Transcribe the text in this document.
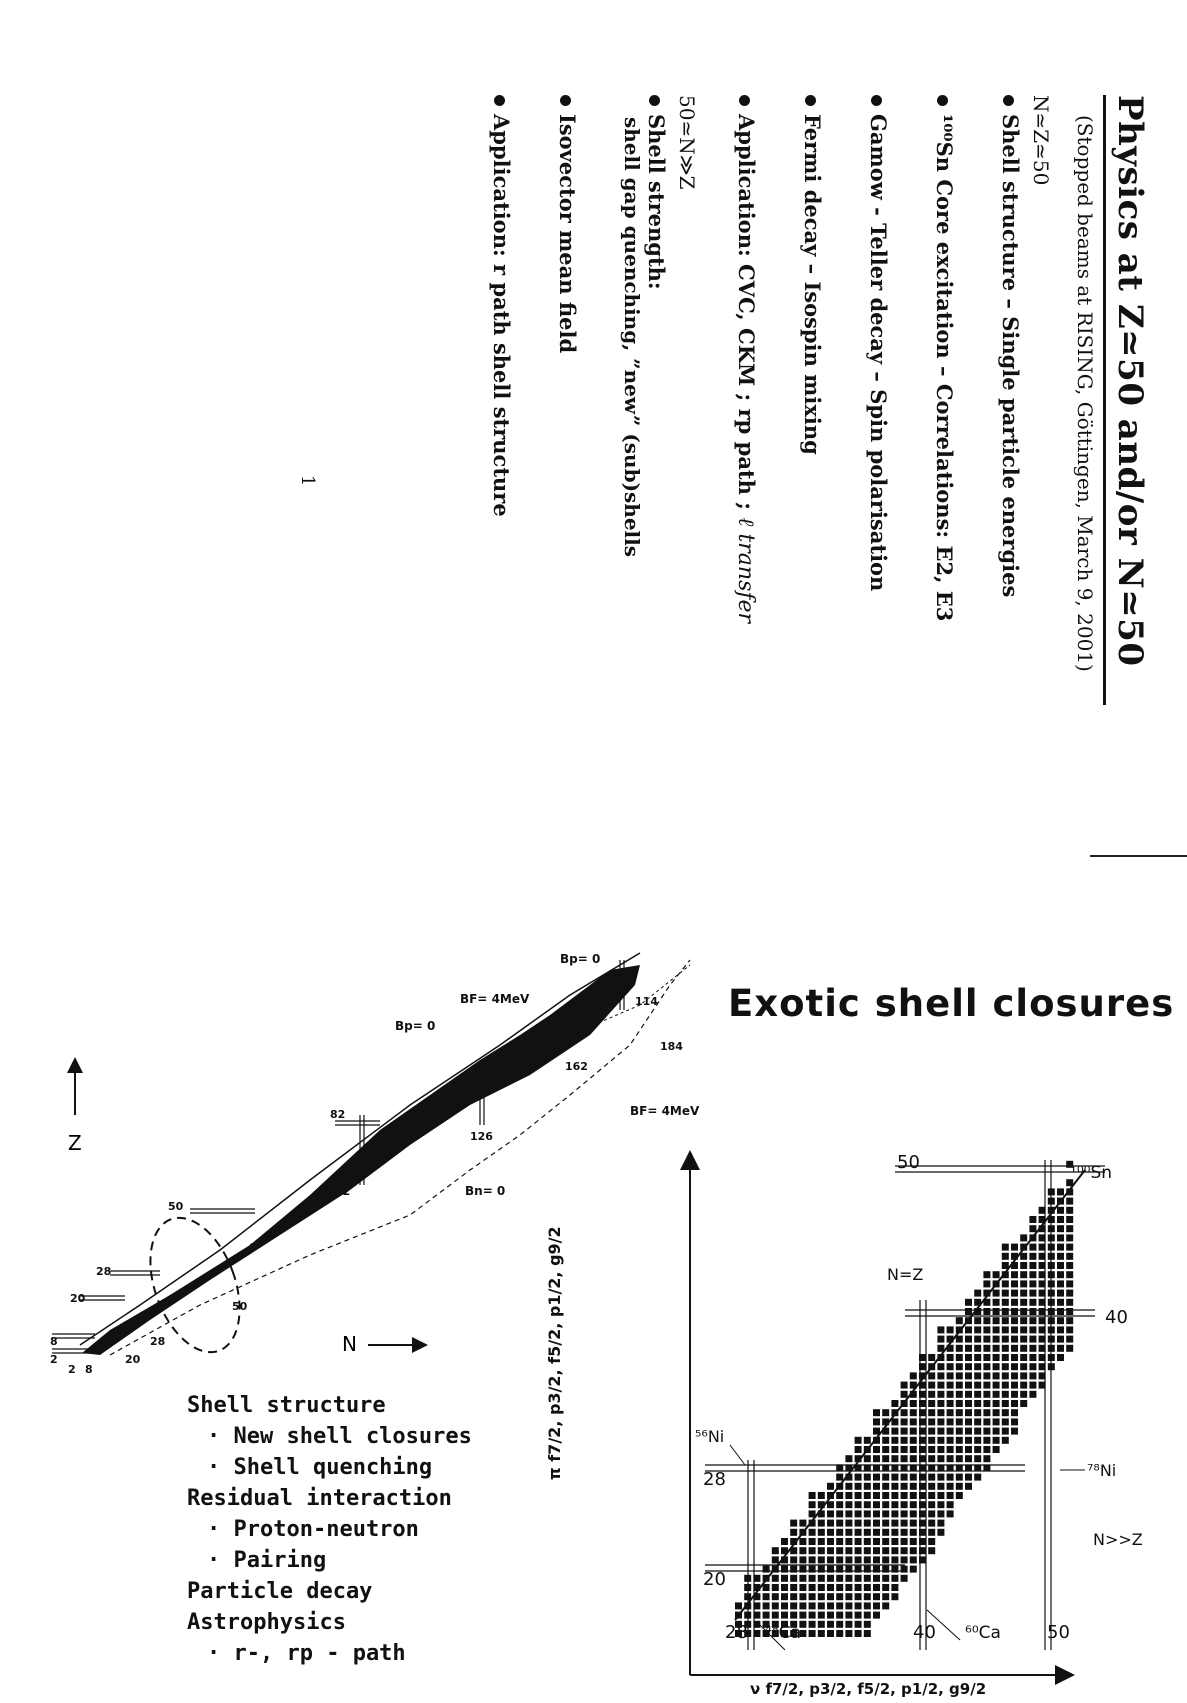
Physics at Z≃50 and/or N≃50
(Stopped beams at RISING, Göttingen, March 9, 2001)
N≃Z≃50
Shell structure – Single particle energies
¹⁰⁰Sn Core excitation – Correlations: E2, E3
Gamow - Teller decay – Spin polarisation
Fermi decay – Isospin mixing
Application: CVC, CKM ; rp path ; ℓ transfer
50≃N≫Z
Shell strength:
shell gap quenching, ”new” (sub)shells
Isovector mean field
Application: r path shell structure
1
Exotic shell closures
Z
N
2
8
20
28
50
82
114
2 8
20
28
50
82
126
162
184
Bp= 0
Bp= 0
BF= 4MeV
BF= 4MeV
Bn= 0
Shell structure
· New shell closures
· Shell quenching
Residual interaction
· Proton-neutron
· Pairing
Particle decay
Astrophysics
· r-, rp - path
20
28
40
50
28	40	50
¹⁰⁰Sn
⁵⁶Ni
⁷⁸Ni
⁴⁸Ca	⁶⁰Ca
N=Z
N>>Z
π f7/2, p3/2, f5/2, p1/2, g9/2
ν f7/2, p3/2, f5/2, p1/2, g9/2
